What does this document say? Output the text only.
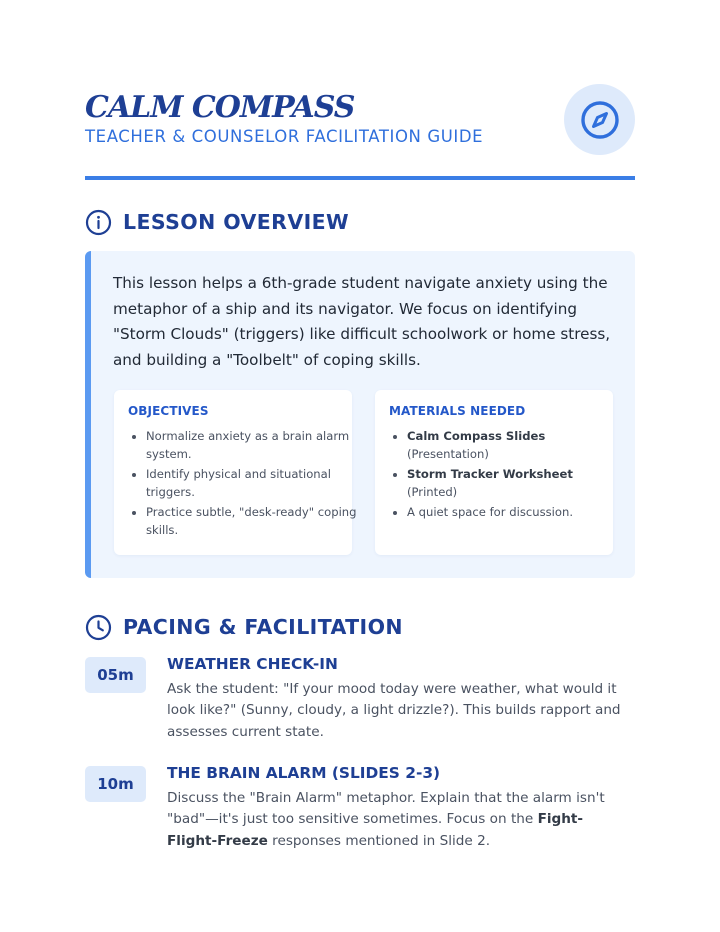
CALM COMPASS
TEACHER & COUNSELOR FACILITATION GUIDE
LESSON OVERVIEW
This lesson helps a 6th-grade student navigate anxiety using the metaphor of a ship and its navigator. We focus on identifying "Storm Clouds" (triggers) like difficult schoolwork or home stress, and building a "Toolbelt" of coping skills.
OBJECTIVES
• Normalize anxiety as a brain alarm system.
• Identify physical and situational triggers.
• Practice subtle, "desk-ready" coping skills.
MATERIALS NEEDED
• Calm Compass Slides
(Presentation)
• Storm Tracker Worksheet
(Printed)
• A quiet space for discussion.
PACING & FACILITATION
05m
WEATHER CHECK-IN
Ask the student: "If your mood today were weather, what would it look like?" (Sunny, cloudy, a light drizzle?). This builds rapport and assesses current state.
10m
THE BRAIN ALARM (SLIDES 2-3)
Discuss the "Brain Alarm" metaphor. Explain that the alarm isn't "bad"—it's just too sensitive sometimes. Focus on the Fight-Flight-Freeze responses mentioned in Slide 2.
